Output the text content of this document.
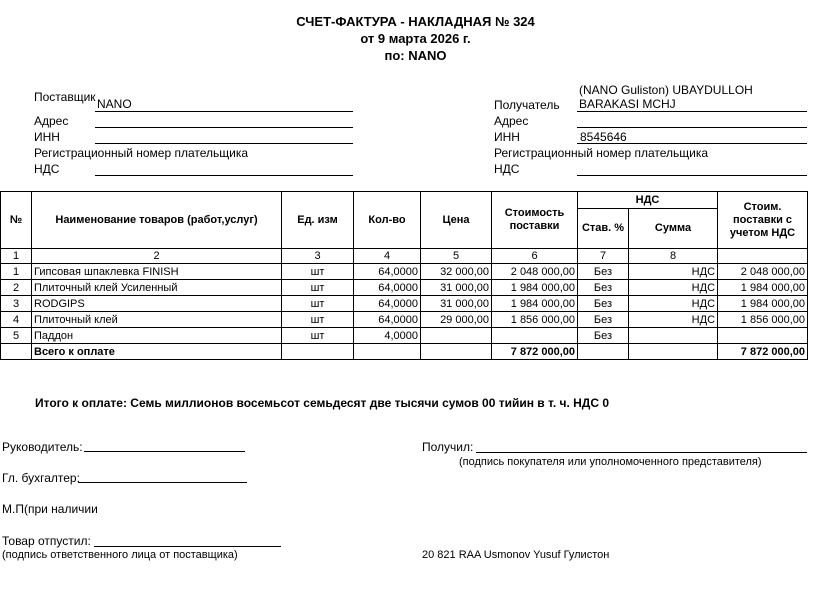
СЧЕТ-ФАКТУРА - НАКЛАДНАЯ № 324
от 9 марта 2026 г.
по: NANO
Поставщик NANO
Адрес
ИНН
Регистрационный номер плательщика
НДС
(NANO Guliston) UBAYDULLOH
Получатель BARAKASI MCHJ
Адрес
ИНН	8545646
Регистрационный номер плательщика
НДС
№	Наименование товаров (работ,услуг)	Ед. изм	Кол-во	Цена	Стоимость поставки	НДС		Стоим. поставки с учетом НДС
						Став. %	Сумма	
1	2	3	4	5	6	7	8	
1	Гипсовая шпаклевка FINISH	шт	64,0000	32 000,00	2 048 000,00	Без	НДС	2 048 000,00
2	Плиточный клей Усиленный	шт	64,0000	31 000,00	1 984 000,00	Без	НДС	1 984 000,00
3	RODGIPS	шт	64,0000	31 000,00	1 984 000,00	Без	НДС	1 984 000,00
4	Плиточный клей	шт	64,0000	29 000,00	1 856 000,00	Без	НДС	1 856 000,00
5	Паддон	шт	4,0000			Без		
	Всего к оплате				7 872 000,00			7 872 000,00
Итого к оплате: Семь миллионов восемьсот семьдесят две тысячи сумов 00 тийин в т. ч. НДС 0
Руководитель:
Гл. бухгалтер:
М.П(при наличии
Товар отпустил:
(подпись ответственного лица от поставщика)
Получил:
(подпись покупателя или уполномоченного представителя)
20 821 RAA Usmonov Yusuf Гулистон
